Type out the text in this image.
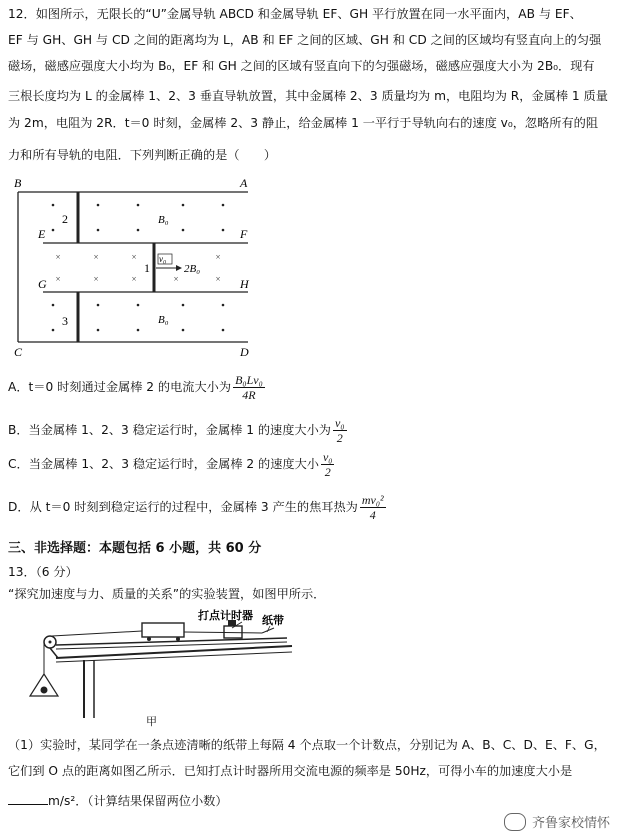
12．如图所示，无限长的“U”金属导轨 ABCD 和金属导轨 EF、GH 平行放置在同一水平面内，AB 与 EF、
EF 与 GH、GH 与 CD 之间的距离均为 L，AB 和 EF 之间的区域、GH 和 CD 之间的区域均有竖直向上的匀强
磁场，磁感应强度大小均为 B₀，EF 和 GH 之间的区域有竖直向下的匀强磁场，磁感应强度大小为 2B₀．现有
三根长度均为 L 的金属棒 1、2、3 垂直导轨放置，其中金属棒 2、3 质量均为 m，电阻均为 R，金属棒 1 质量
为 2m，电阻为 2R．t＝0 时刻，金属棒 2、3 静止，给金属棒 1 一平行于导轨向右的速度 v₀，忽略所有的阻
力和所有导轨的电阻．下列判断正确的是（　　）
×	×	×	×
×	×	×	×	×
v₀
B₀
2B₀
B₀
2
1
3
B	A
E	F
G	H
C	D
A．t＝0 时刻通过金属棒 2 的电流大小为 $\frac{\text{B₀Lv₀}}{4R}$
B．当金属棒 1、2、3 稳定运行时，金属棒 1 的速度大小为 $\frac{\text{v₀}}{2}$
C．当金属棒 1、2、3 稳定运行时，金属棒 2 的速度大小 $\frac{\text{v₀}}{2}$
D．从 t＝0 时刻到稳定运行的过程中，金属棒 3 产生的焦耳热为 $\frac{\text{mv₀²}}{4}$
三、非选择题：本题包括 6 小题，共 60 分
13．（6 分）
“探究加速度与力、质量的关系”的实验装置，如图甲所示．
打点计时器 纸带
甲
（1）实验时，某同学在一条点迹清晰的纸带上每隔 4 个点取一个计数点，分别记为 A、B、C、D、E、F、G，
它们到 O 点的距离如图乙所示．已知打点计时器所用交流电源的频率是 50Hz，可得小车的加速度大小是
m/s²．（计算结果保留两位小数）
齐鲁家校情怀
